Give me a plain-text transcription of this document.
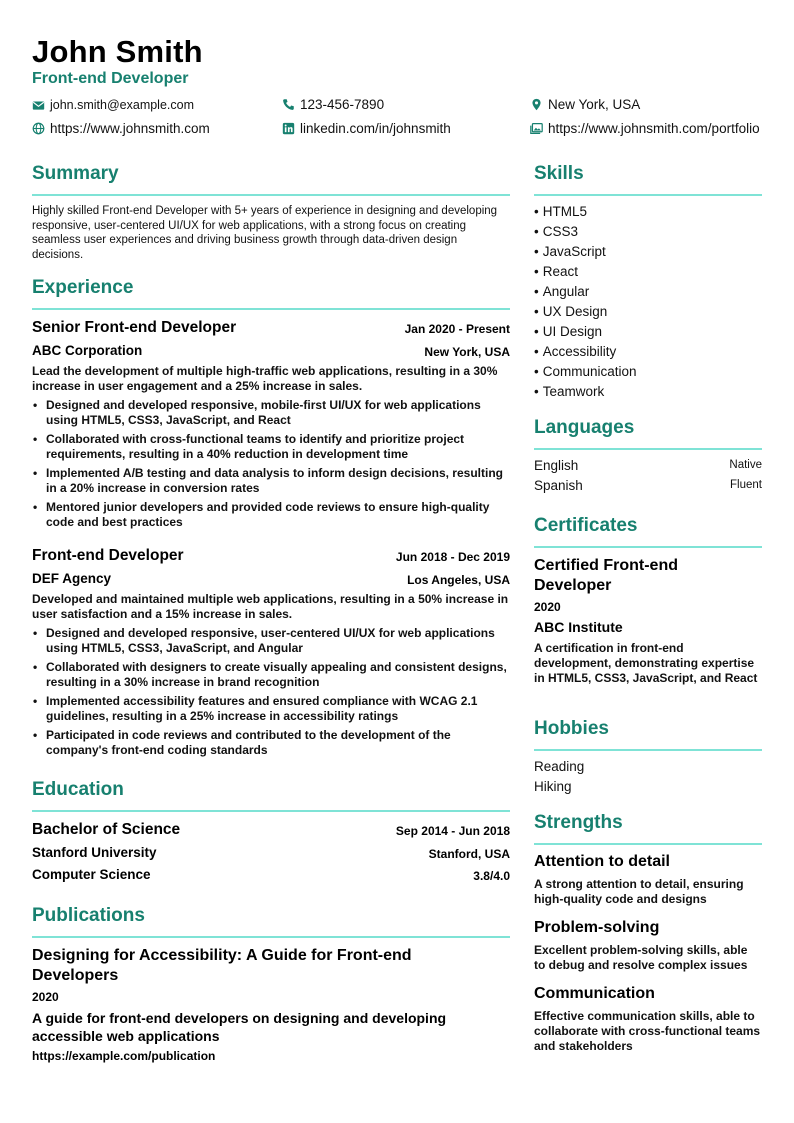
John Smith
Front-end Developer
john.smith@example.com	123-456-7890	New York, USA
https://www.johnsmith.com	linkedin.com/in/johnsmith	https://www.johnsmith.com/portfolio
Summary
Highly skilled Front-end Developer with 5+ years of experience in designing and developing responsive, user-centered UI/UX for web applications, with a strong focus on creating seamless user experiences and driving business growth through data-driven design decisions.
Experience
Senior Front-end Developer	Jan 2020 - Present
ABC Corporation	New York, USA
Lead the development of multiple high-traffic web applications, resulting in a 30% increase in user engagement and a 25% increase in sales.
• Designed and developed responsive, mobile-first UI/UX for web applications using HTML5, CSS3, JavaScript, and React
• Collaborated with cross-functional teams to identify and prioritize project requirements, resulting in a 40% reduction in development time
• Implemented A/B testing and data analysis to inform design decisions, resulting in a 20% increase in conversion rates
• Mentored junior developers and provided code reviews to ensure high-quality code and best practices
Front-end Developer	Jun 2018 - Dec 2019
DEF Agency	Los Angeles, USA
Developed and maintained multiple web applications, resulting in a 50% increase in user satisfaction and a 15% increase in sales.
• Designed and developed responsive, user-centered UI/UX for web applications using HTML5, CSS3, JavaScript, and Angular
• Collaborated with designers to create visually appealing and consistent designs, resulting in a 30% increase in brand recognition
• Implemented accessibility features and ensured compliance with WCAG 2.1 guidelines, resulting in a 25% increase in accessibility ratings
• Participated in code reviews and contributed to the development of the company's front-end coding standards
Education
Bachelor of Science	Sep 2014 - Jun 2018
Stanford University	Stanford, USA
Computer Science	3.8/4.0
Publications
Designing for Accessibility: A Guide for Front-end Developers
2020
A guide for front-end developers on designing and developing accessible web applications
https://example.com/publication
Skills
• HTML5
• CSS3
• JavaScript
• React
• Angular
• UX Design
• UI Design
• Accessibility
• Communication
• Teamwork
Languages
English	Native
Spanish	Fluent
Certificates
Certified Front-end Developer
2020
ABC Institute
A certification in front-end development, demonstrating expertise in HTML5, CSS3, JavaScript, and React
Hobbies
Reading
Hiking
Strengths
Attention to detail
A strong attention to detail, ensuring high-quality code and designs
Problem-solving
Excellent problem-solving skills, able to debug and resolve complex issues
Communication
Effective communication skills, able to collaborate with cross-functional teams and stakeholders
